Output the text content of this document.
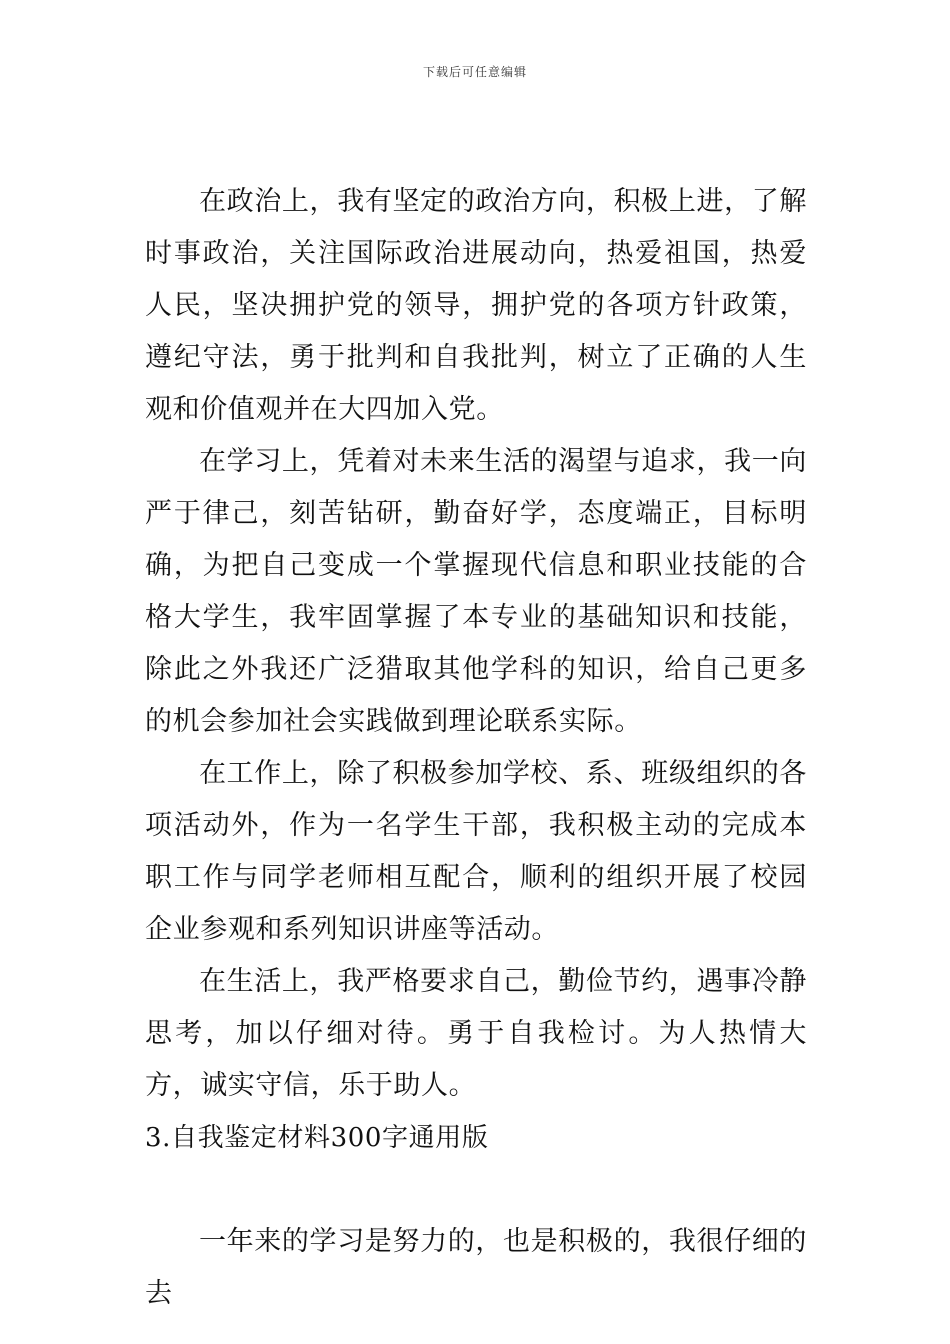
下载后可任意编辑

在政治上，我有坚定的政治方向，积极上进，了解时事政治，关注国际政治进展动向，热爱祖国，热爱人民，坚决拥护党的领导，拥护党的各项方针政策，遵纪守法，勇于批判和自我批判，树立了正确的人生观和价值观并在大四加入党。

在学习上，凭着对未来生活的渴望与追求，我一向严于律己，刻苦钻研，勤奋好学，态度端正，目标明确，为把自己变成一个掌握现代信息和职业技能的合格大学生，我牢固掌握了本专业的基础知识和技能，除此之外我还广泛猎取其他学科的知识，给自己更多的机会参加社会实践做到理论联系实际。

在工作上，除了积极参加学校、系、班级组织的各项活动外，作为一名学生干部，我积极主动的完成本职工作与同学老师相互配合，顺利的组织开展了校园企业参观和系列知识讲座等活动。

在生活上，我严格要求自己，勤俭节约，遇事冷静思考，加以仔细对待。勇于自我检讨。为人热情大方，诚实守信，乐于助人。

3.自我鉴定材料300字通用版

一年来的学习是努力的，也是积极的，我很仔细的去
